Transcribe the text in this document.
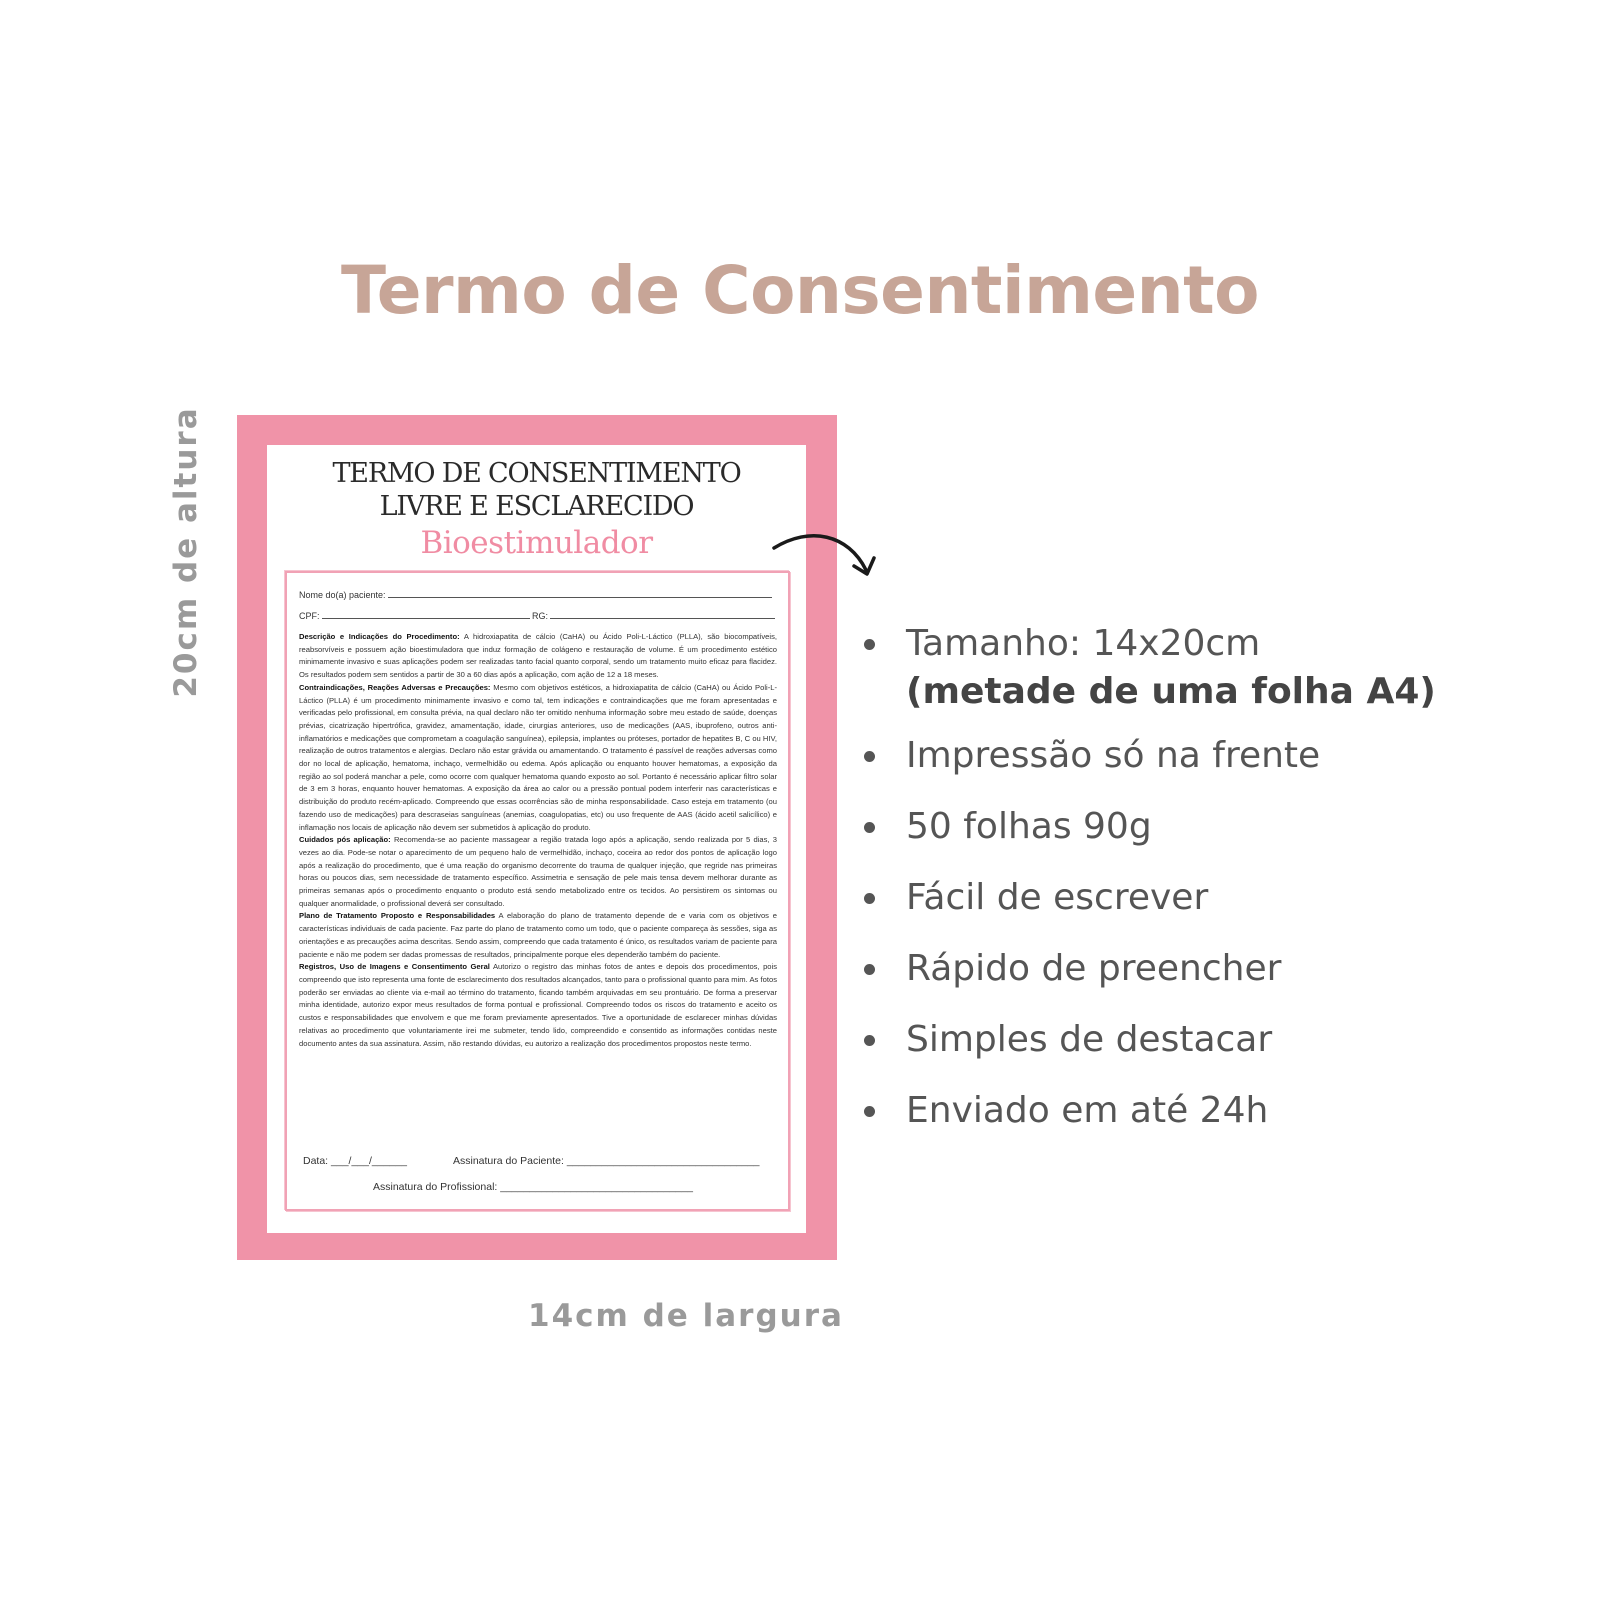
Termo de Consentimento
20cm de altura	TERMO DE CONSENTIMENTO
LIVRE E ESCLARECIDO
Bioestimulador
Nome do(a) paciente:
CPF:	RG:

Descrição e Indicações do Procedimento: A hidroxiapatita de cálcio (CaHA) ou Ácido Poli-L-Láctico (PLLA), são biocompatíveis, reabsorvíveis e possuem ação bioestimuladora que induz formação de colágeno e restauração de volume. É um procedimento estético minimamente invasivo e suas aplicações podem ser realizadas tanto facial quanto corporal, sendo um tratamento muito eficaz para flacidez. Os resultados podem sem sentidos a partir de 30 a 60 dias após a aplicação, com ação de 12 a 18 meses.

Contraindicações, Reações Adversas e Precauções: Mesmo com objetivos estéticos, a hidroxiapatita de cálcio (CaHA) ou Ácido Poli-L-Láctico (PLLA) é um procedimento minimamente invasivo e como tal, tem indicações e contraindicações que me foram apresentadas e verificadas pelo profissional, em consulta prévia, na qual declaro não ter omitido nenhuma informação sobre meu estado de saúde, doenças prévias, cicatrização hipertrófica, gravidez, amamentação, idade, cirurgias anteriores, uso de medicações (AAS, ibuprofeno, outros anti-inflamatórios e medicações que comprometam a coagulação sanguínea), epilepsia, implantes ou próteses, portador de hepatites B, C ou HIV, realização de outros tratamentos e alergias. Declaro não estar grávida ou amamentando. O tratamento é passível de reações adversas como dor no local de aplicação, hematoma, inchaço, vermelhidão ou edema. Após aplicação ou enquanto houver hematomas, a exposição da região ao sol poderá manchar a pele, como ocorre com qualquer hematoma quando exposto ao sol. Portanto é necessário aplicar filtro solar de 3 em 3 horas, enquanto houver hematomas. A exposição da área ao calor ou a pressão pontual podem interferir nas características e distribuição do produto recém-aplicado. Compreendo que essas ocorrências são de minha responsabilidade. Caso esteja em tratamento (ou fazendo uso de medicações) para descraseias sanguíneas (anemias, coagulopatias, etc) ou uso frequente de AAS (ácido acetil salicílico) e inflamação nos locais de aplicação não devem ser submetidos à aplicação do produto.

Cuidados pós aplicação: Recomenda-se ao paciente massagear a região tratada logo após a aplicação, sendo realizada por 5 dias, 3 vezes ao dia. Pode-se notar o aparecimento de um pequeno halo de vermelhidão, inchaço, coceira ao redor dos pontos de aplicação logo após a realização do procedimento, que é uma reação do organismo decorrente do trauma de qualquer injeção, que regride nas primeiras horas ou poucos dias, sem necessidade de tratamento específico. Assimetria e sensação de pele mais tensa devem melhorar durante as primeiras semanas após o procedimento enquanto o produto está sendo metabolizado entre os tecidos. Ao persistirem os sintomas ou qualquer anormalidade, o profissional deverá ser consultado.

Plano de Tratamento Proposto e Responsabilidades A elaboração do plano de tratamento depende de e varia com os objetivos e características individuais de cada paciente. Faz parte do plano de tratamento como um todo, que o paciente compareça às sessões, siga as orientações e as precauções acima descritas. Sendo assim, compreendo que cada tratamento é único, os resultados variam de paciente para paciente e não me podem ser dadas promessas de resultados, principalmente porque eles dependerão também do paciente.

Registros, Uso de Imagens e Consentimento Geral Autorizo o registro das minhas fotos de antes e depois dos procedimentos, pois compreendo que isto representa uma fonte de esclarecimento dos resultados alcançados, tanto para o profissional quanto para mim. As fotos poderão ser enviadas ao cliente via e-mail ao término do tratamento, ficando também arquivadas em seu prontuário. De forma a preservar minha identidade, autorizo expor meus resultados de forma pontual e profissional. Compreendo todos os riscos do tratamento e aceito os custos e responsabilidades que envolvem e que me foram previamente apresentados. Tive a oportunidade de esclarecer minhas dúvidas relativas ao procedimento que voluntariamente irei me submeter, tendo lido, compreendido e consentido as informações contidas neste documento antes da sua assinatura. Assim, não restando dúvidas, eu autorizo a realização dos procedimentos propostos neste termo.

Data: ___/___/______	Assinatura do Paciente: _________________________________
Assinatura do Profissional: _________________________________
14cm de largura
Tamanho: 14x20cm
(metade de uma folha A4)
Impressão só na frente
50 folhas 90g
Fácil de escrever
Rápido de preencher
Simples de destacar
Enviado em até 24h
